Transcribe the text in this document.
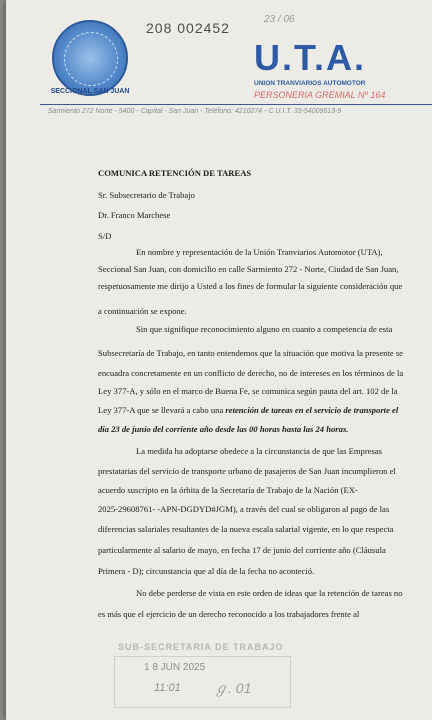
SECCIONAL SAN JUAN
208 002452
23 / 06
U.T.A.
UNION TRANVIARIOS AUTOMOTOR
PERSONERIA GREMIAL Nº 164
Sarmiento 272 Norte - 5400 - Capital - San Juan - Teléfono: 4210274 - C.U.I.T. 33-54009513-9
COMUNICA RETENCIÓN DE TAREAS
Sr. Subsecretario de Trabajo
Dr. Franco Marchese
S/D
En nombre y representación de la Unión Tranviarios Automotor (UTA),
Seccional San Juan, con domicilio en calle Sarmiento 272 - Norte, Ciudad de San Juan,
respetuosamente me dirijo a Usted a los fines de formular la siguiente consideración que
a continuación se expone.
Sin que signifique reconocimiento alguno en cuanto a competencia de esta
Subsecretaría de Trabajo, en tanto entendemos que la situación que motiva la presente se
encuadra concretamente en un conflicto de derecho, no de intereses en los términos de la
Ley 377-A, y sólo en el marco de Buena Fe, se comunica según pauta del art. 102 de la
Ley 377-A que se llevará a cabo una retención de tareas en el servicio de transporte el
día 23 de junio del corriente año desde las 00 horas hasta las 24 horas.
La medida ha adoptarse obedece a la circunstancia de que las Empresas
prestatarias del servicio de transporte urbano de pasajeros de San Juan incumplieron el
acuerdo suscripto en la órbita de la Secretaría de Trabajo de la Nación (EX-
2025-29608761- -APN-DGDYD#JGM), a través del cual se obligaron al pago de las
diferencias salariales resultantes de la nueva escala salarial vigente, en lo que respecta
particularmente al salario de mayo, en fecha 17 de junio del corriente año (Cláusula
Primera - D); circunstancia que al día de la fecha no aconteció.
No debe perderse de vista en este orden de ideas que la retención de tareas no
es más que el ejercicio de un derecho reconocido a los trabajadores frente al
SUB-SECRETARIA DE TRABAJO
1 8 JUN 2025
11:01 ℊ. 01
